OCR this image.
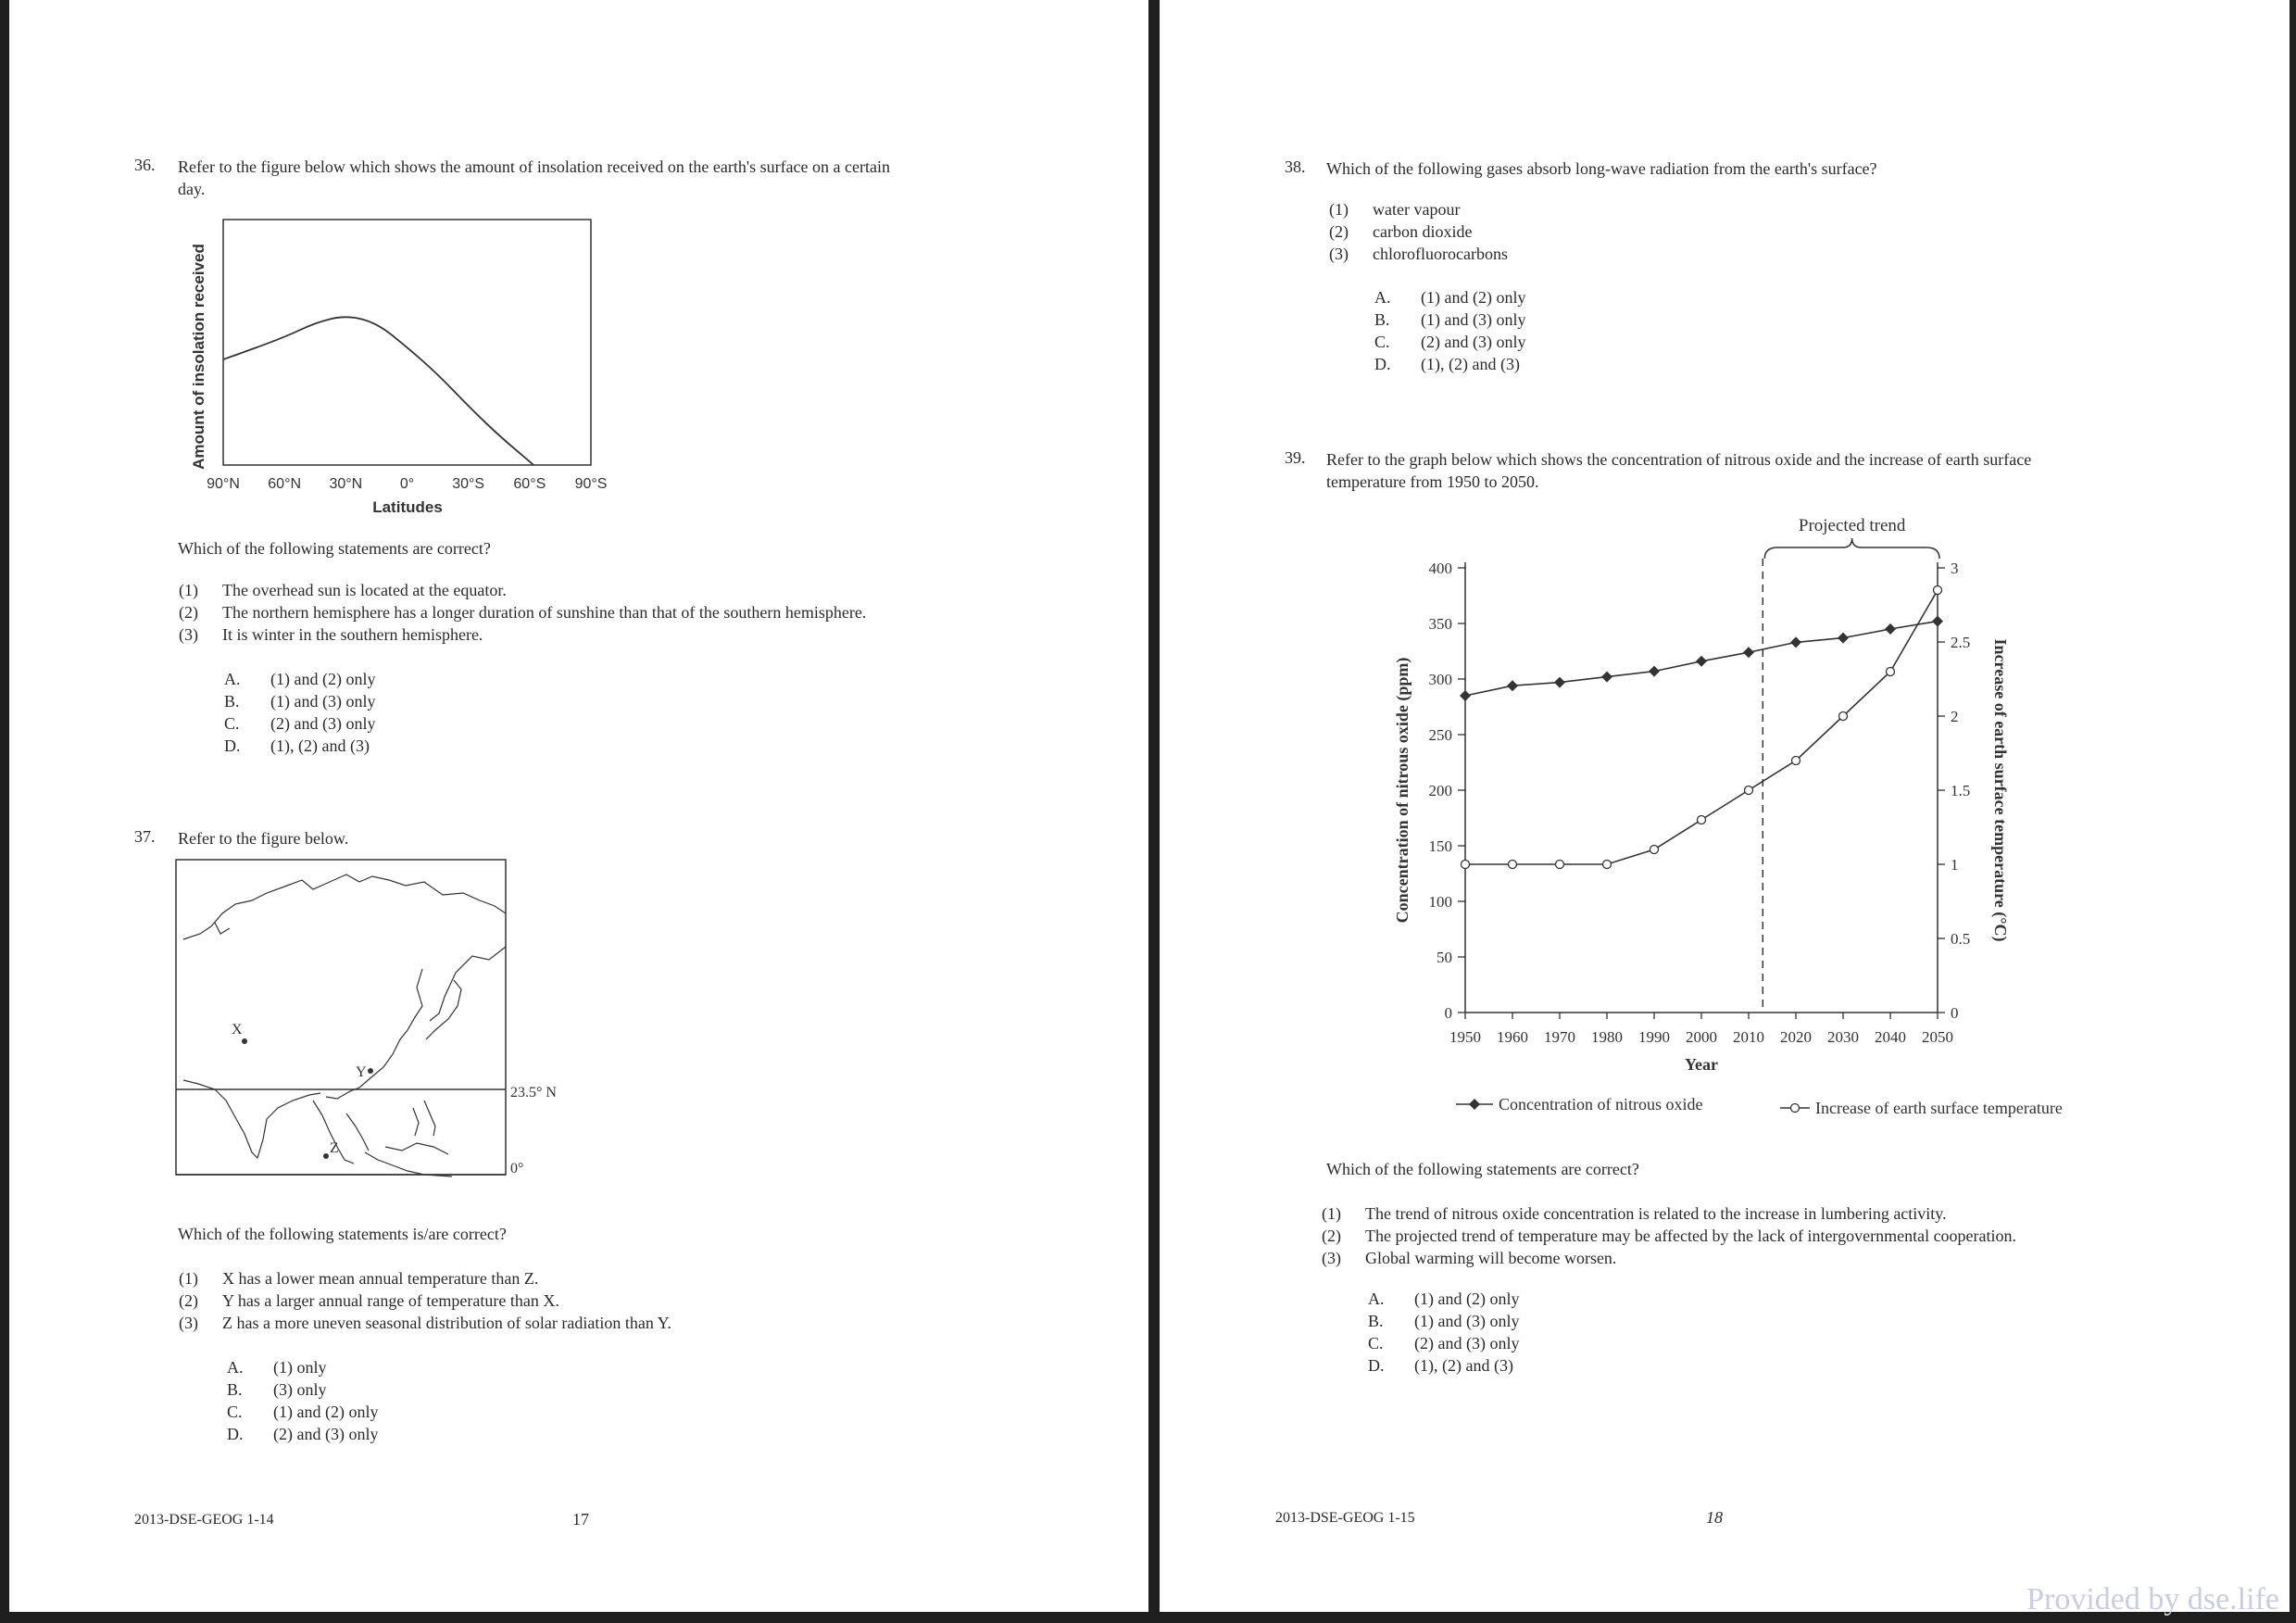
36. Refer to the figure below which shows the amount of insolation received on the earth's surface on a certain
day.
Amount of insolation received
90°N 60°N 30°N	0°	30°S 60°S 90°S
Latitudes
Which of the following statements are correct?
(1) The overhead sun is located at the equator.
(2) The northern hemisphere has a longer duration of sunshine than that of the southern hemisphere.
(3) It is winter in the southern hemisphere.
A. (1) and (2) only
B. (1) and (3) only
C. (2) and (3) only
D. (1), (2) and (3)
37. Refer to the figure below.
23.5° N
0°
X
Y
Z
Which of the following statements is/are correct?
(1) X has a lower mean annual temperature than Z.
(2) Y has a larger annual range of temperature than X.
(3) Z has a more uneven seasonal distribution of solar radiation than Y.
A. (1) only
B. (3) only
C. (1) and (2) only
D. (2) and (3) only
2013-DSE-GEOG 1-14	17
38. Which of the following gases absorb long-wave radiation from the earth's surface?
(1) water vapour
(2) carbon dioxide
(3) chlorofluorocarbons
A. (1) and (2) only
B. (1) and (3) only
C. (2) and (3) only
D. (1), (2) and (3)
39. Refer to the graph below which shows the concentration of nitrous oxide and the increase of earth surface
temperature from 1950 to 2050.
Projected trend
0
50
100
150
200
250
300
350
400
0
0.5
1
1.5
2
2.5
3
1950 1960 1970 1980 1990 2000 2010 2020 2030 2040 2050
Concentration of nitrous oxide (ppm)	Increase of earth surface temperature (°C)
Year
Concentration of nitrous oxide	Increase of earth surface temperature
Which of the following statements are correct?
(1) The trend of nitrous oxide concentration is related to the increase in lumbering activity.
(2) The projected trend of temperature may be affected by the lack of intergovernmental cooperation.
(3) Global warming will become worsen.
A. (1) and (2) only
B. (1) and (3) only
C. (2) and (3) only
D. (1), (2) and (3)
2013-DSE-GEOG 1-15	18
Provided by dse.life
